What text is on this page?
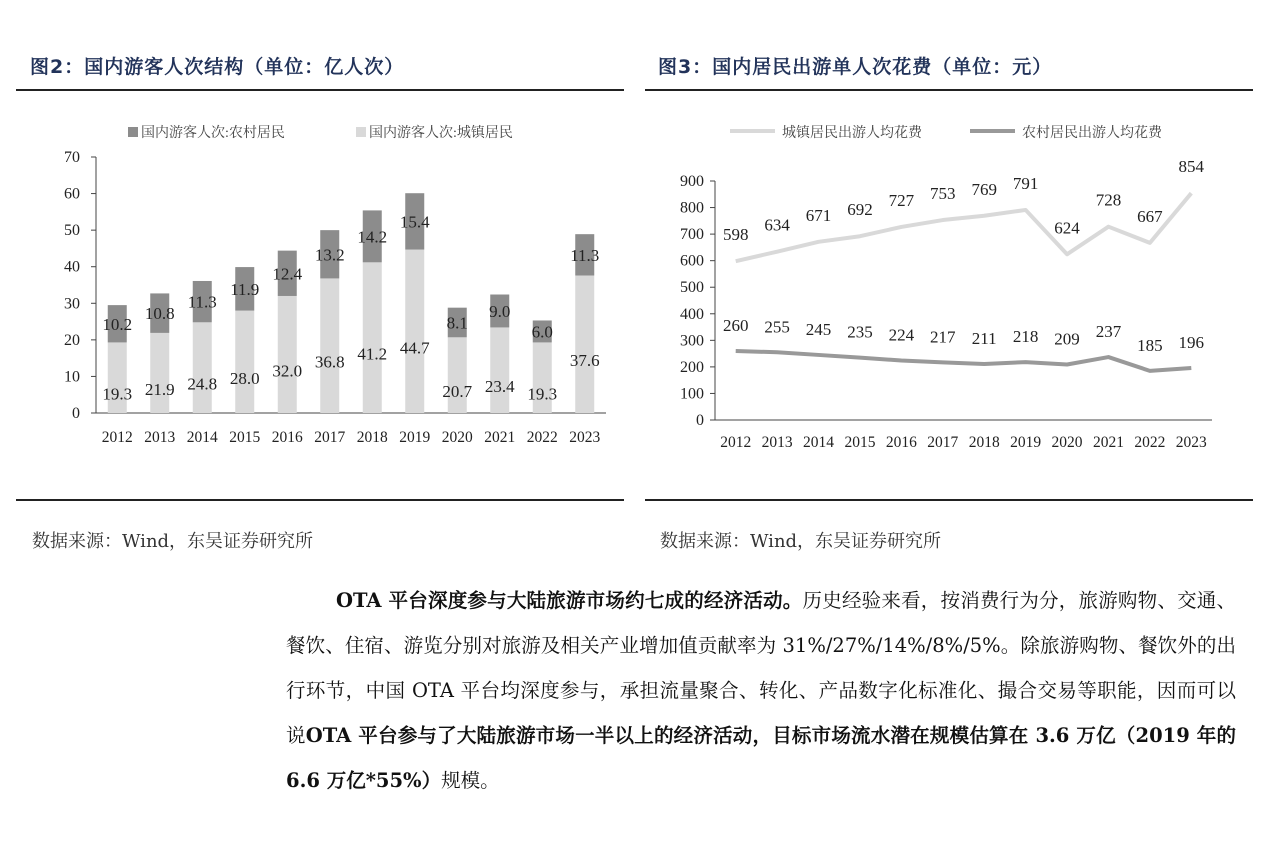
图2：国内游客人次结构（单位：亿人次）	图3：国内居民出游单人次花费（单位：元）
0
10
20
30
40
50
60
70
国内游客人次:农村居民	国内游客人次:城镇居民
19.3
10.2
2012
21.9
10.8
2013
24.8
11.3
2014
28.0
11.9
2015
32.0
12.4
2016
36.8
13.2
2017
41.2
14.2
2018
44.7
15.4
2019
20.7
8.1
2020
23.4
9.0
2021
19.3
6.0
2022
37.6
11.3
2023
0
100
200
300
400
500
600
700
800
900
城镇居民出游人均花费	农村居民出游人均花费
2012 2013 2014 2015 2016 2017 2018 2019 2020 2021 2022 2023
598
634
671 692 727 753 769 791
624
728
667
854
260 255 245 235 224 217 211 218 209 237
185 196
数据来源：Wind，东吴证券研究所	数据来源：Wind，东吴证券研究所
OTA 平台深度参与大陆旅游市场约七成的经济活动。历史经验来看，按消费行为分，旅游购物、交通、餐饮、住宿、游览分别对旅游及相关产业增加值贡献率为 31%/27%/14%/8%/5%。除旅游购物、餐饮外的出行环节，中国 OTA 平台均深度参与，承担流量聚合、转化、产品数字化标准化、撮合交易等职能，因而可以说OTA 平台参与了大陆旅游市场一半以上的经济活动，目标市场流水潜在规模估算在 3.6 万亿（2019 年的 6.6 万亿*55%）规模。
